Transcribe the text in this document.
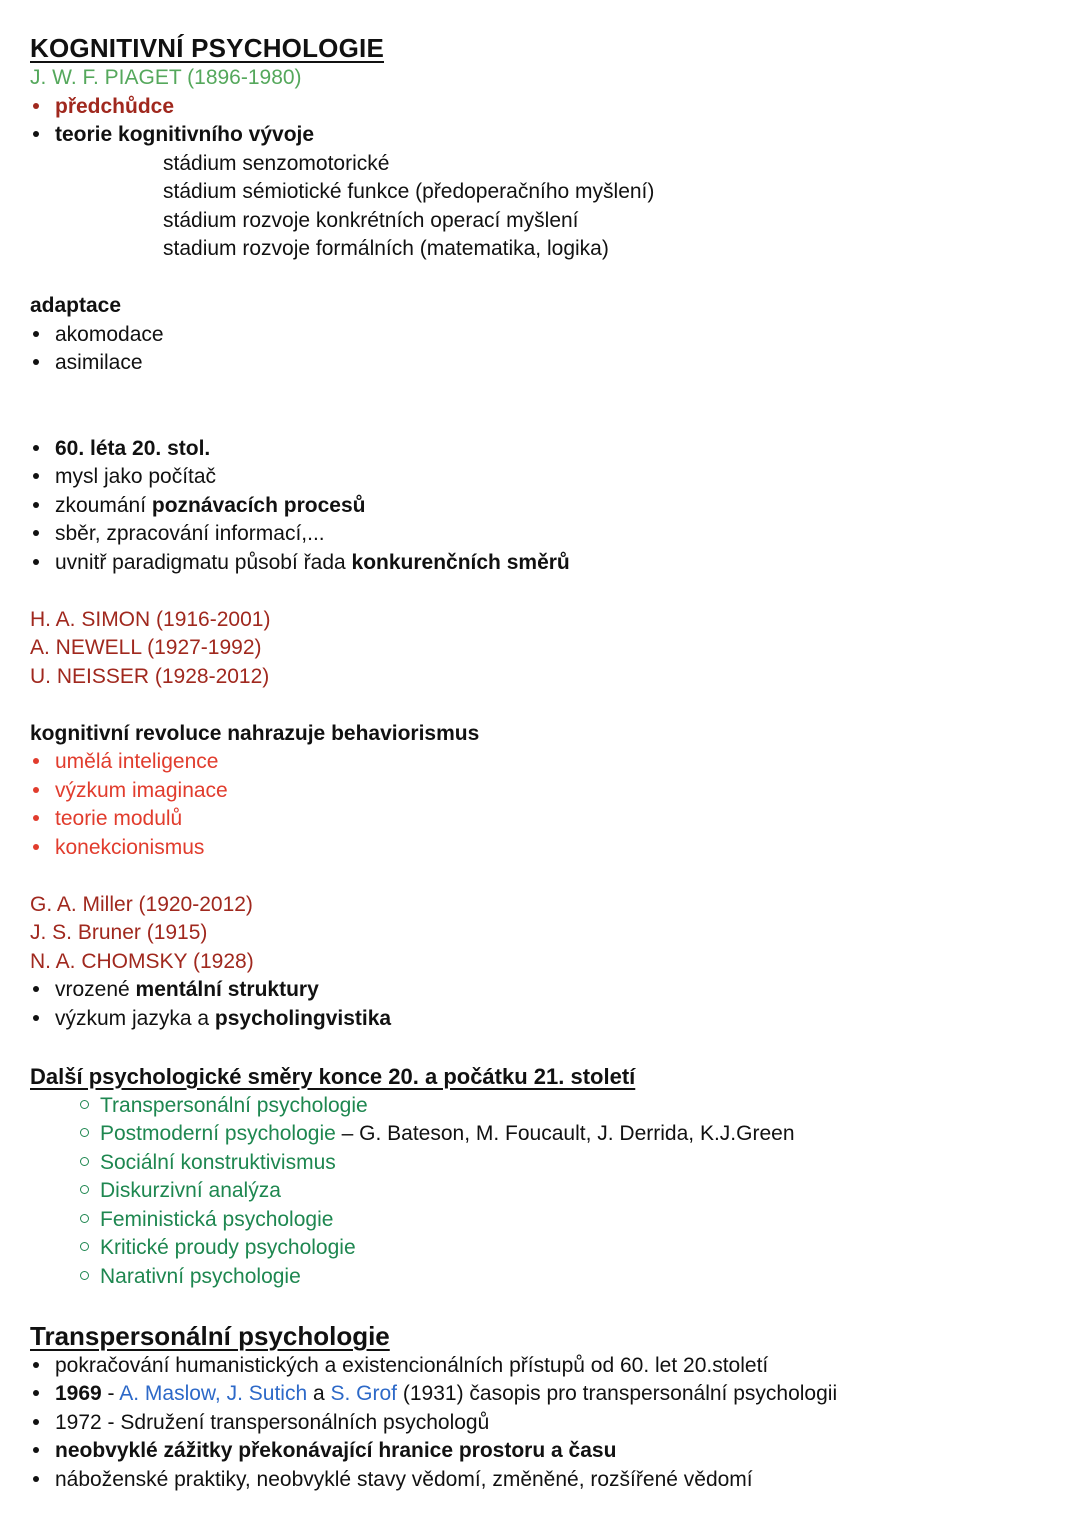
KOGNITIVNÍ PSYCHOLOGIE
J. W. F. PIAGET (1896-1980)
předchůdce
teorie kognitivního vývoje
stádium senzomotorické
stádium sémiotické funkce (předoperačního myšlení)
stádium rozvoje konkrétních operací myšlení
stadium rozvoje formálních (matematika, logika)
adaptace
akomodace
asimilace
60. léta 20. stol.
mysl jako počítač
zkoumání poznávacích procesů
sběr, zpracování informací,...
uvnitř paradigmatu působí řada konkurenčních směrů
H. A. SIMON (1916-2001)
A. NEWELL (1927-1992)
U. NEISSER (1928-2012)
kognitivní revoluce nahrazuje behaviorismus
umělá inteligence
výzkum imaginace
teorie modulů
konekcionismus
G. A. Miller (1920-2012)
J. S. Bruner (1915)
N. A. CHOMSKY (1928)
vrozené mentální struktury
výzkum jazyka a psycholingvistika
Další psychologické směry konce 20. a počátku 21. století
Transpersonální psychologie
Postmoderní psychologie – G. Bateson, M. Foucault, J. Derrida, K.J.Green
Sociální konstruktivismus
Diskurzivní analýza
Feministická psychologie
Kritické proudy psychologie
Narativní psychologie
Transpersonální psychologie
pokračování humanistických a existencionálních přístupů od 60. let 20.století
1969 - A. Maslow, J. Sutich a S. Grof (1931) časopis pro transpersonální psychologii
1972 - Sdružení transpersonálních psychologů
neobvyklé zážitky překonávající hranice prostoru a času
náboženské praktiky, neobvyklé stavy vědomí, změněné, rozšířené vědomí
